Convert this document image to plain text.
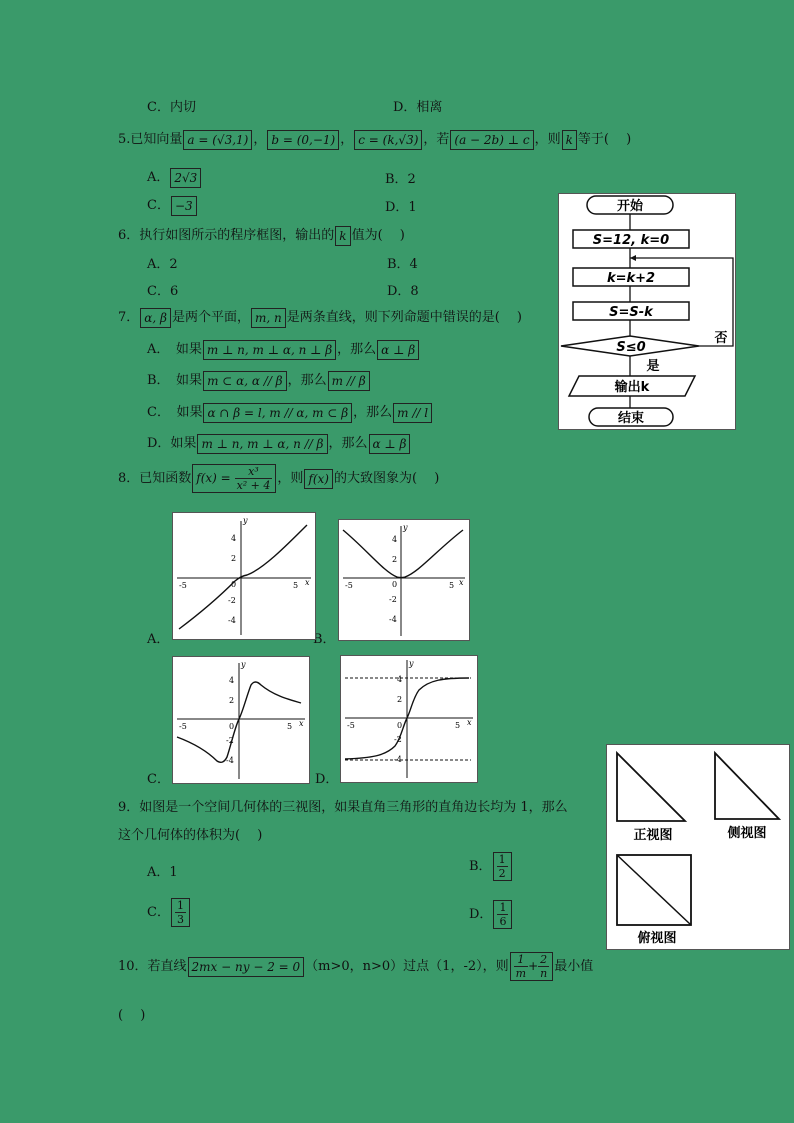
C．内切	D．相离
5.已知向量 a = (√3,1) ， b = (0,−1) ， c = (k,√3) ，若 (a − 2b) ⊥ c ，则 k 等于(　 )
A． 2√3	B．2
C． −3	D．1
6．执行如图所示的程序框图，输出的 k 值为(　 )
A．2	B．4
C．6	D．8
7． α, β 是两个平面， m, n 是两条直线，则下列命题中错误的是(　 )
A．　如果 m ⊥ n, m ⊥ α, n ⊥ β ，那么 α ⊥ β
B．　如果 m ⊂ α, α // β ，那么 m // β
C．　如果 α ∩ β = l, m // α, m ⊂ β ，那么 m // l
D．如果 m ⊥ n, m ⊥ α, n // β ，那么 α ⊥ β
8．已知函数 $f(x) = \frac{\text{x³}}{\text{x² + 4}}$ ，则 f(x) 的大致图象为(　 )
A．	B．
C．	D．
y
x
-5	5
4
2
0
-2
-4
y
x
-5	5
4
2
0
-2
-4
y
x
-5	5
4
2
0
-2
-4
y
x
-5	5
4
2
0
-2
-4
9．如图是一个空间几何体的三视图，如果直角三角形的直角边长均为 1，那么
这个几何体的体积为(　 )
A．1	B． $\frac{1}{2}$
C． $\frac{1}{3}$	D． $\frac{1}{6}$
10．若直线 2mx − ny − 2 = 0 （m>0，n>0）过点（1，-2），则 $\frac{1}{m} + \frac{2}{n}$ 最小值
(　 )
开始
S=12, k=0
k=k+2
S=S-k
S≤0
否
是
输出k
结束
正视图	侧视图
俯视图
